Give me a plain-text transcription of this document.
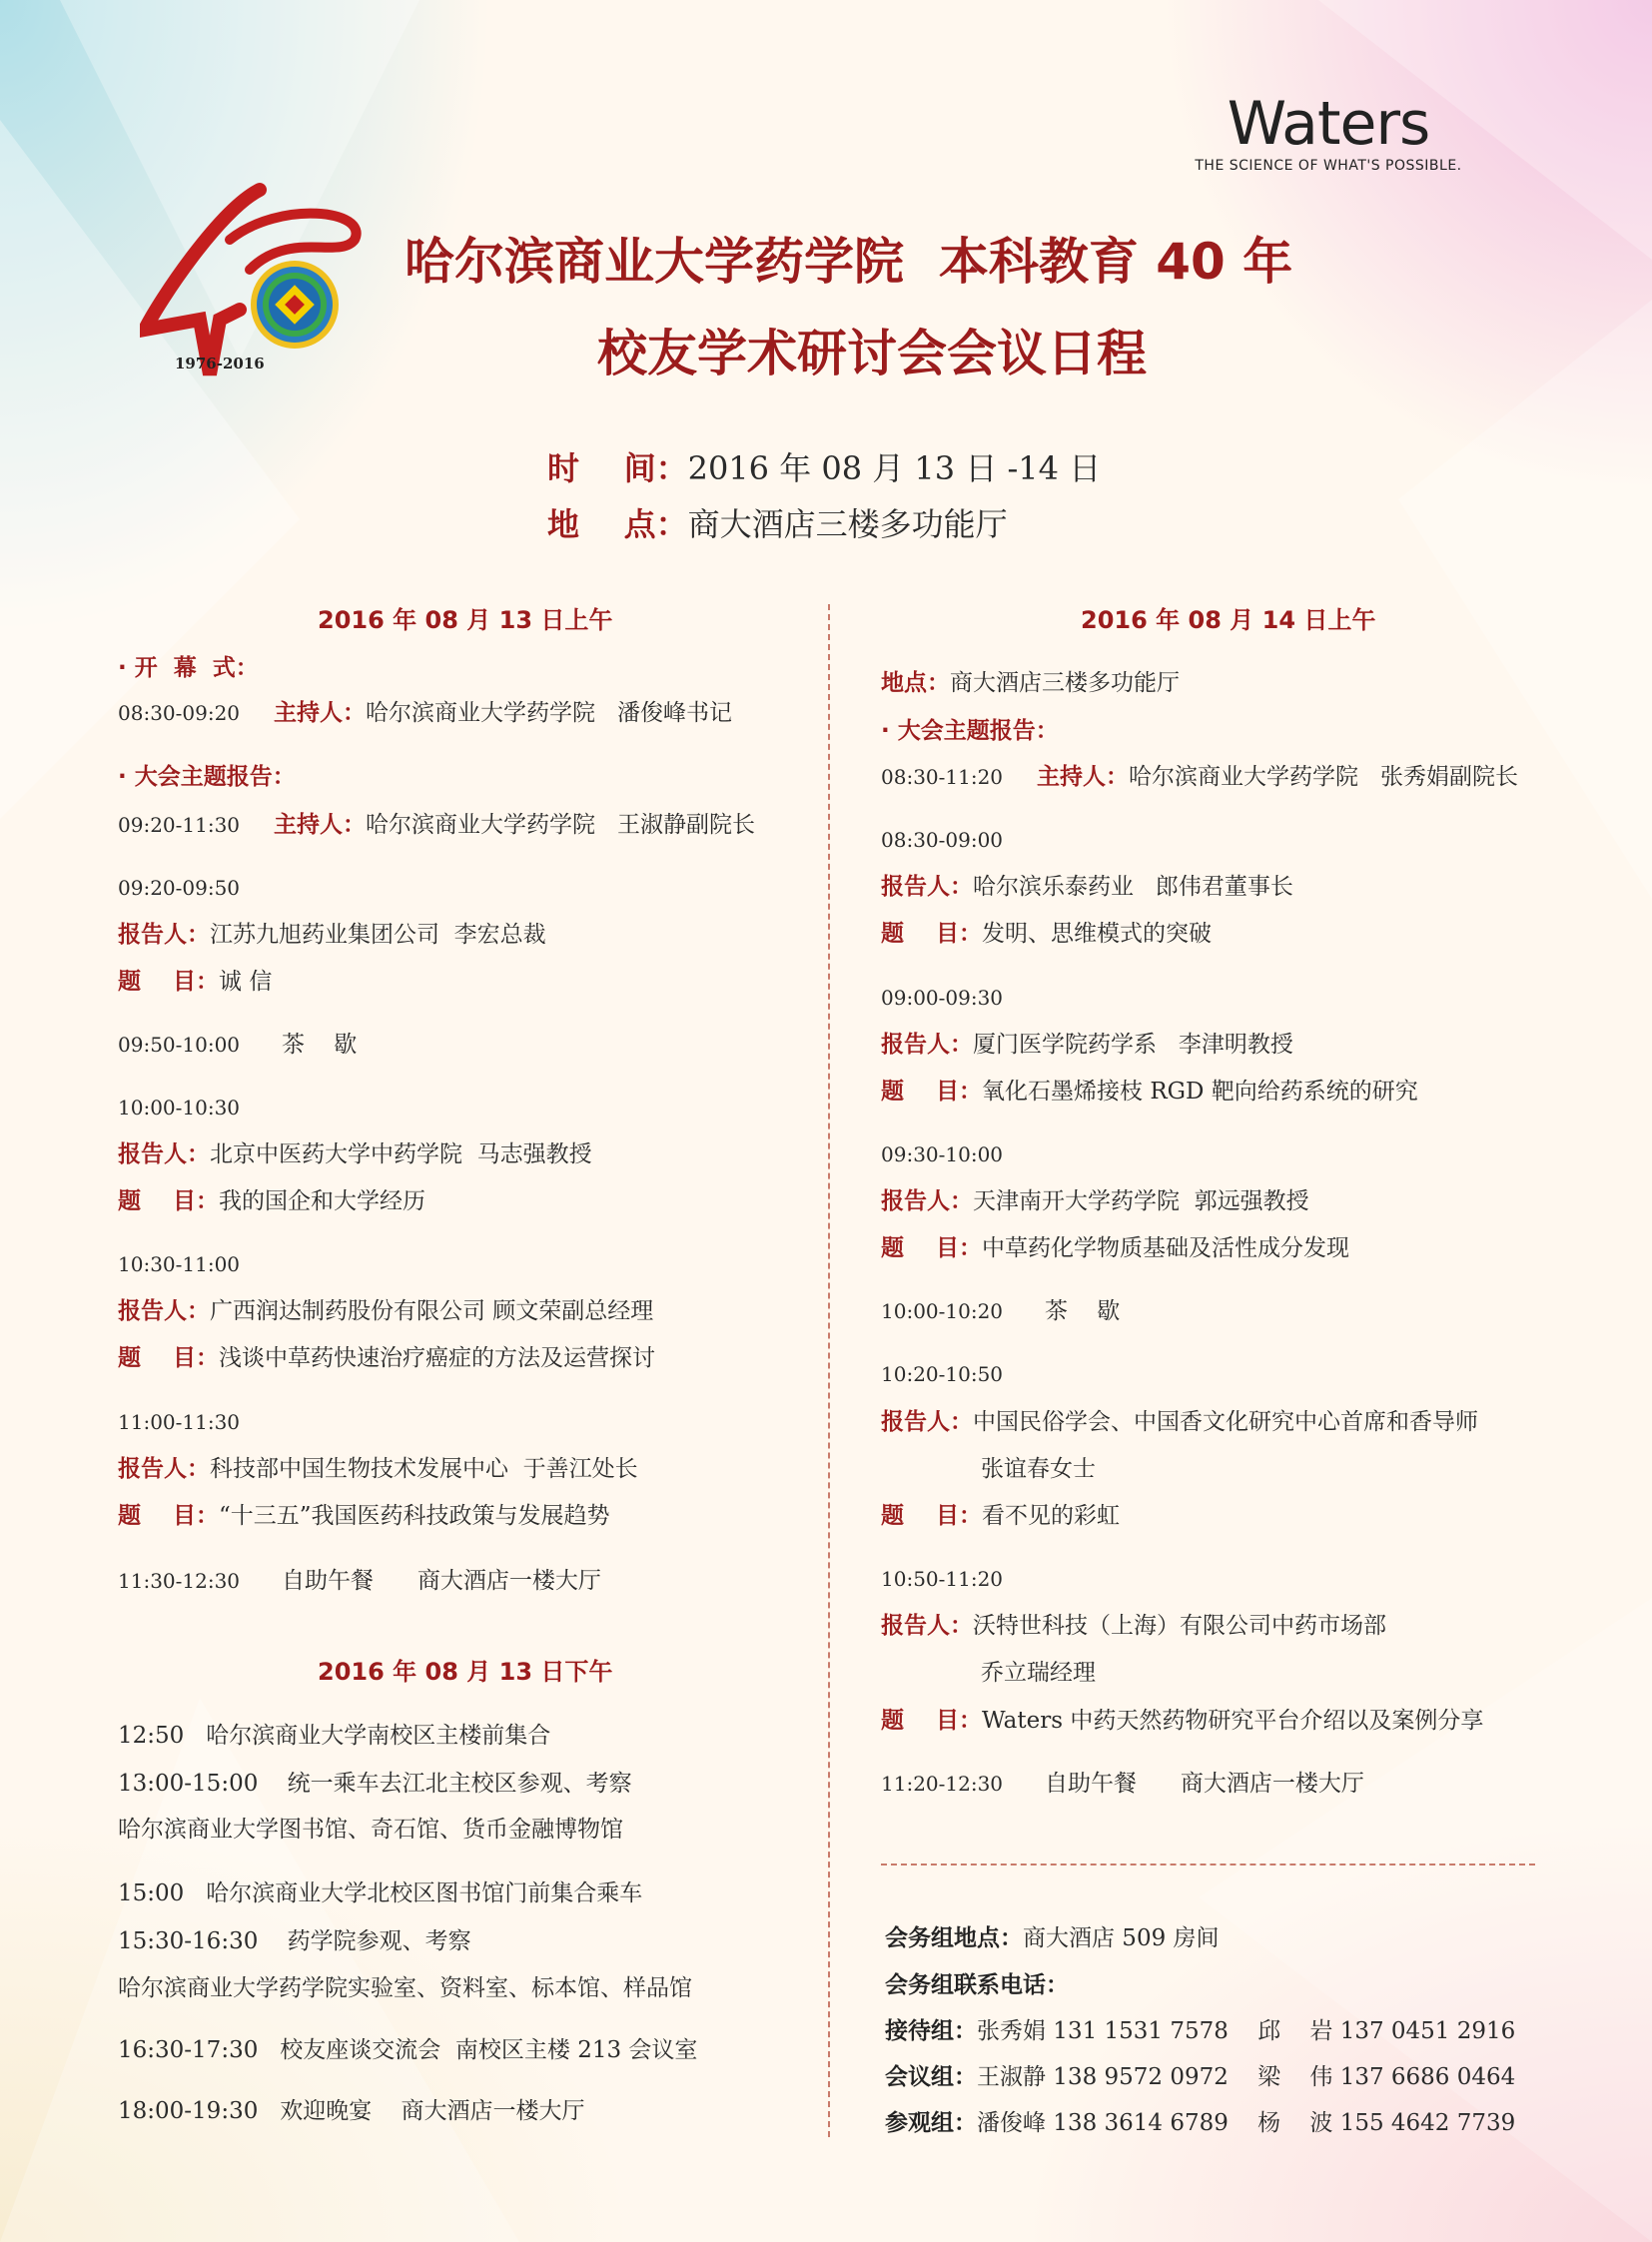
Waters
THE SCIENCE OF WHAT'S POSSIBLE.
1976-2016
哈尔滨商业大学药学院  本科教育 40 年
校友学术研讨会会议日程
时    间：2016 年 08 月 13 日 -14 日
地    点：商大酒店三楼多功能厅
2016 年 08 月 13 日上午
· 开  幕  式：
08:30-09:20 主持人：哈尔滨商业大学药学院   潘俊峰书记
· 大会主题报告：
09:20-11:30 主持人：哈尔滨商业大学药学院   王淑静副院长
09:20-09:50
报告人：江苏九旭药业集团公司  李宏总裁
题    目：诚 信
09:50-10:00 茶    歇
10:00-10:30
报告人：北京中医药大学中药学院  马志强教授
题    目：我的国企和大学经历
10:30-11:00
报告人：广西润达制药股份有限公司 顾文荣副总经理
题    目：浅谈中草药快速治疗癌症的方法及运营探讨
11:00-11:30
报告人：科技部中国生物技术发展中心  于善江处长
题    目：“十三五”我国医药科技政策与发展趋势
11:30-12:30 自助午餐      商大酒店一楼大厅
2016 年 08 月 13 日下午
12:50   哈尔滨商业大学南校区主楼前集合
13:00-15:00    统一乘车去江北主校区参观、考察
哈尔滨商业大学图书馆、奇石馆、货币金融博物馆
15:00   哈尔滨商业大学北校区图书馆门前集合乘车
15:30-16:30    药学院参观、考察
哈尔滨商业大学药学院实验室、资料室、标本馆、样品馆
16:30-17:30   校友座谈交流会  南校区主楼 213 会议室
18:00-19:30   欢迎晚宴    商大酒店一楼大厅
2016 年 08 月 14 日上午
地点：商大酒店三楼多功能厅
· 大会主题报告：
08:30-11:20 主持人：哈尔滨商业大学药学院   张秀娟副院长
08:30-09:00
报告人：哈尔滨乐泰药业   郎伟君董事长
题    目：发明、思维模式的突破
09:00-09:30
报告人：厦门医学院药学系   李津明教授
题    目：氧化石墨烯接枝 RGD 靶向给药系统的研究
09:30-10:00
报告人：天津南开大学药学院  郭远强教授
题    目：中草药化学物质基础及活性成分发现
10:00-10:20 茶    歇
10:20-10:50
报告人：中国民俗学会、中国香文化研究中心首席和香导师
张谊春女士
题    目：看不见的彩虹
10:50-11:20
报告人：沃特世科技（上海）有限公司中药市场部
乔立瑞经理
题    目：Waters 中药天然药物研究平台介绍以及案例分享
11:20-12:30 自助午餐      商大酒店一楼大厅
会务组地点：商大酒店 509 房间
会务组联系电话：
接待组：张秀娟 131 1531 7578    邱    岩 137 0451 2916
会议组：王淑静 138 9572 0972    梁    伟 137 6686 0464
参观组：潘俊峰 138 3614 6789    杨    波 155 4642 7739
